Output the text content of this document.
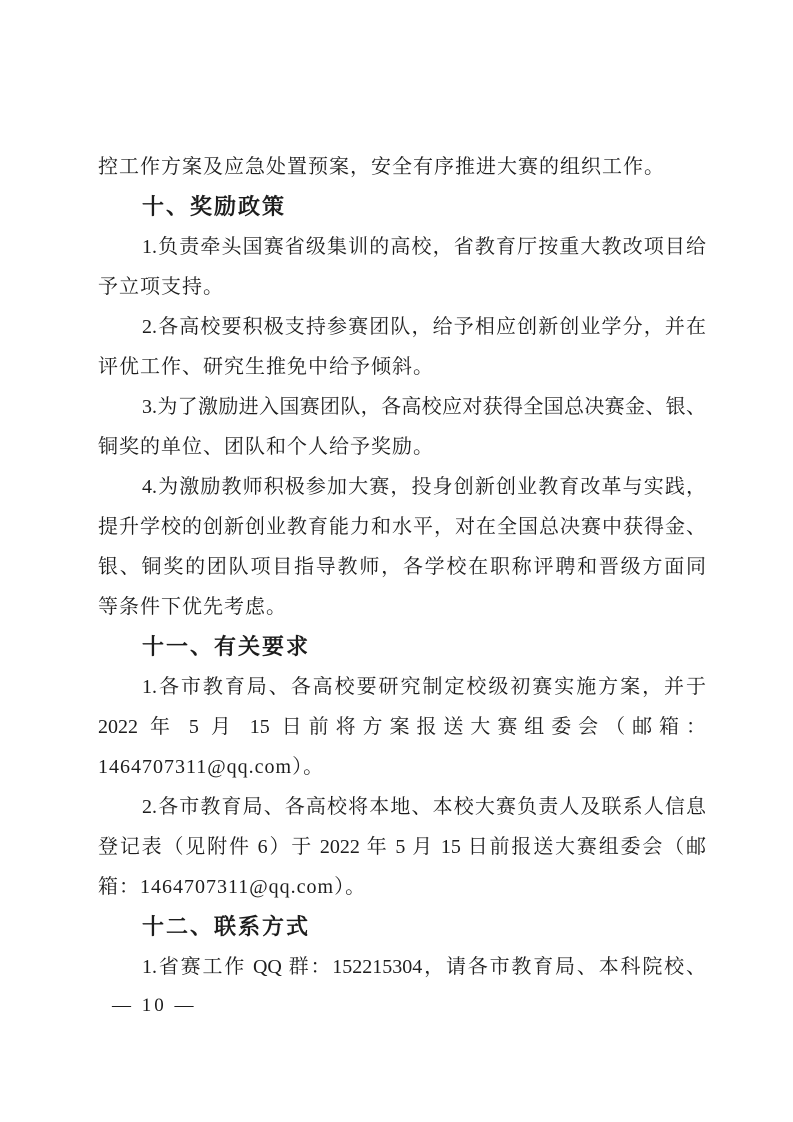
控工作方案及应急处置预案，安全有序推进大赛的组织工作。
十、奖励政策
1.负责牵头国赛省级集训的高校，省教育厅按重大教改项目给
予立项支持。
2.各高校要积极支持参赛团队，给予相应创新创业学分，并在
评优工作、研究生推免中给予倾斜。
3.为了激励进入国赛团队，各高校应对获得全国总决赛金、银、
铜奖的单位、团队和个人给予奖励。
4.为激励教师积极参加大赛，投身创新创业教育改革与实践，
提升学校的创新创业教育能力和水平，对在全国总决赛中获得金、
银、铜奖的团队项目指导教师，各学校在职称评聘和晋级方面同
等条件下优先考虑。
十一、有关要求
1.各市教育局、各高校要研究制定校级初赛实施方案，并于
2022 年 5 月 15 日前将方案报送大赛组委会（邮箱：
1464707311@qq.com）。
2.各市教育局、各高校将本地、本校大赛负责人及联系人信息
登记表（见附件 6）于 2022 年 5 月 15 日前报送大赛组委会（邮
箱：1464707311@qq.com）。
十二、联系方式
1.省赛工作 QQ 群：152215304，请各市教育局、本科院校、
— 10 —
